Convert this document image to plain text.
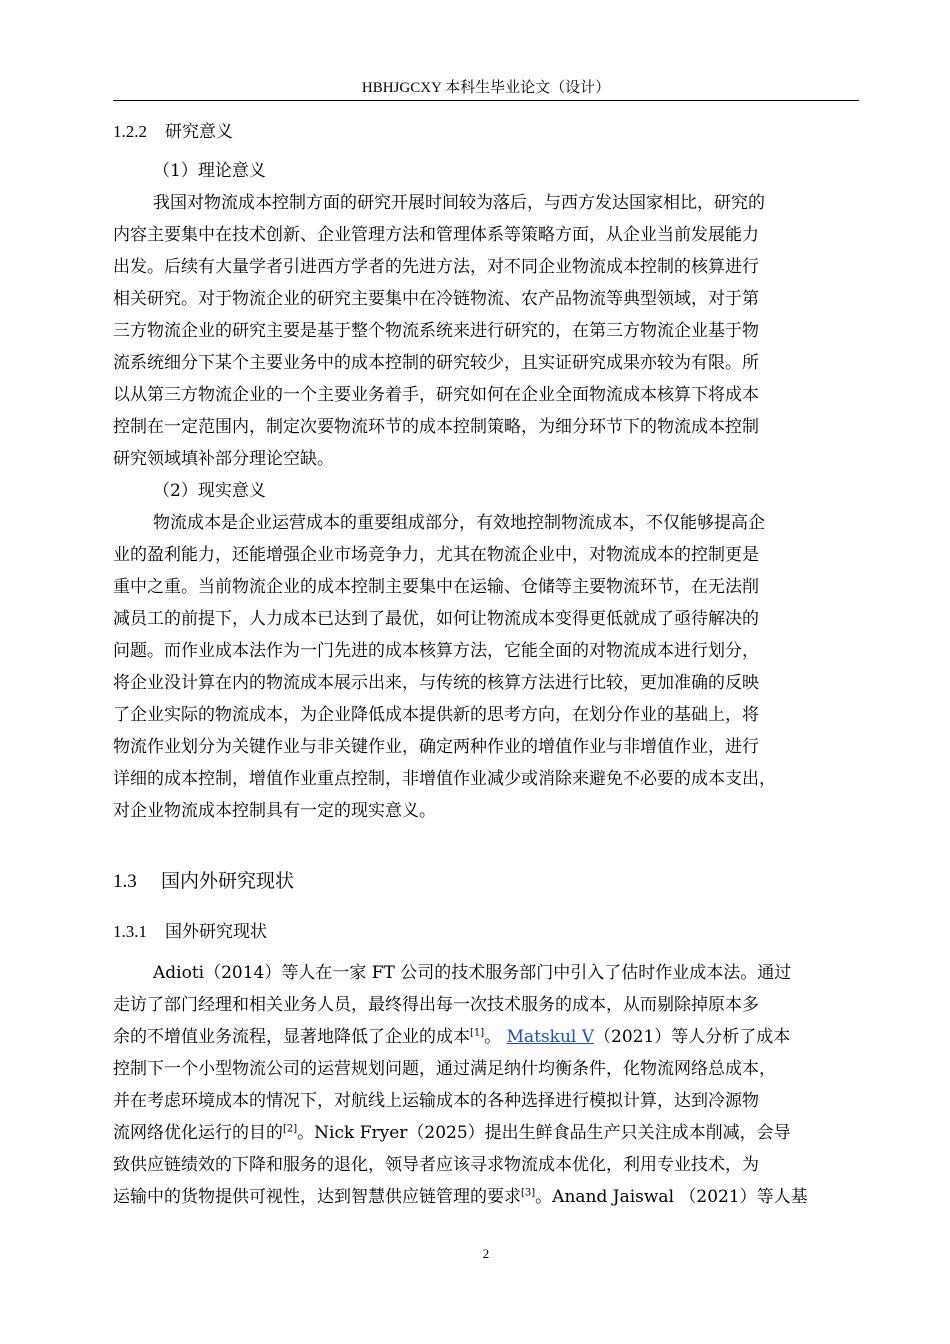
HBHJGCXY 本科生毕业论文（设计）
1.2.2 研究意义
（1）理论意义
我国对物流成本控制方面的研究开展时间较为落后，与西方发达国家相比，研究的
内容主要集中在技术创新、企业管理方法和管理体系等策略方面，从企业当前发展能力
出发。后续有大量学者引进西方学者的先进方法，对不同企业物流成本控制的核算进行
相关研究。对于物流企业的研究主要集中在冷链物流、农产品物流等典型领域，对于第
三方物流企业的研究主要是基于整个物流系统来进行研究的，在第三方物流企业基于物
流系统细分下某个主要业务中的成本控制的研究较少，且实证研究成果亦较为有限。所
以从第三方物流企业的一个主要业务着手，研究如何在企业全面物流成本核算下将成本
控制在一定范围内，制定次要物流环节的成本控制策略，为细分环节下的物流成本控制
研究领域填补部分理论空缺。
（2）现实意义
物流成本是企业运营成本的重要组成部分，有效地控制物流成本，不仅能够提高企
业的盈利能力，还能增强企业市场竞争力，尤其在物流企业中，对物流成本的控制更是
重中之重。当前物流企业的成本控制主要集中在运输、仓储等主要物流环节，在无法削
减员工的前提下，人力成本已达到了最优，如何让物流成本变得更低就成了亟待解决的
问题。而作业成本法作为一门先进的成本核算方法，它能全面的对物流成本进行划分，
将企业没计算在内的物流成本展示出来，与传统的核算方法进行比较，更加准确的反映
了企业实际的物流成本，为企业降低成本提供新的思考方向，在划分作业的基础上，将
物流作业划分为关键作业与非关键作业，确定两种作业的增值作业与非增值作业，进行
详细的成本控制，增值作业重点控制，非增值作业减少或消除来避免不必要的成本支出，
对企业物流成本控制具有一定的现实意义。
1.3 国内外研究现状
1.3.1 国外研究现状
Adioti（2014）等人在一家 FT 公司的技术服务部门中引入了估时作业成本法。通过
走访了部门经理和相关业务人员，最终得出每一次技术服务的成本，从而剔除掉原本多
余的不增值业务流程，显著地降低了企业的成本[1]。 Matskul V（2021）等人分析了成本
控制下一个小型物流公司的运营规划问题，通过满足纳什均衡条件，化物流网络总成本，
并在考虑环境成本的情况下，对航线上运输成本的各种选择进行模拟计算，达到冷源物
流网络优化运行的目的[2]。Nick Fryer（2025）提出生鲜食品生产只关注成本削减，会导
致供应链绩效的下降和服务的退化，领导者应该寻求物流成本优化，利用专业技术，为
运输中的货物提供可视性，达到智慧供应链管理的要求[3]。Anand Jaiswal （2021）等人基
2
